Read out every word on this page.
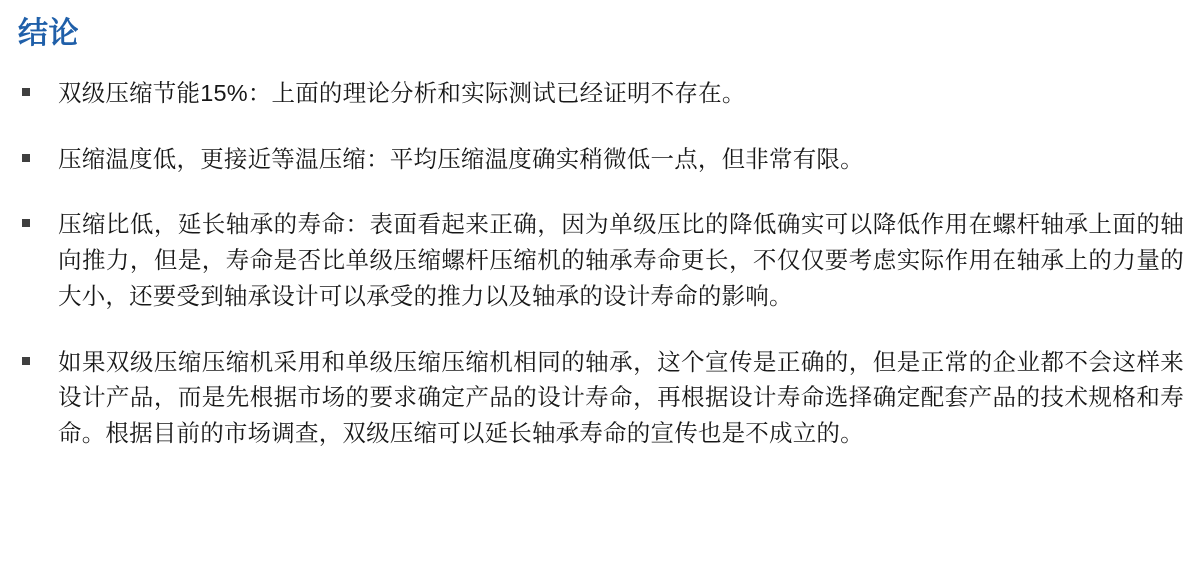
结论
双级压缩节能15%：上面的理论分析和实际测试已经证明不存在。
压缩温度低，更接近等温压缩：平均压缩温度确实稍微低一点，但非常有限。
压缩比低，延长轴承的寿命：表面看起来正确，因为单级压比的降低确实可以降低作用在螺杆轴承上面的轴向推力，但是，寿命是否比单级压缩螺杆压缩机的轴承寿命更长，不仅仅要考虑实际作用在轴承上的力量的大小，还要受到轴承设计可以承受的推力以及轴承的设计寿命的影响。
如果双级压缩压缩机采用和单级压缩压缩机相同的轴承，这个宣传是正确的，但是正常的企业都不会这样来设计产品，而是先根据市场的要求确定产品的设计寿命，再根据设计寿命选择确定配套产品的技术规格和寿命。根据目前的市场调查，双级压缩可以延长轴承寿命的宣传也是不成立的。
